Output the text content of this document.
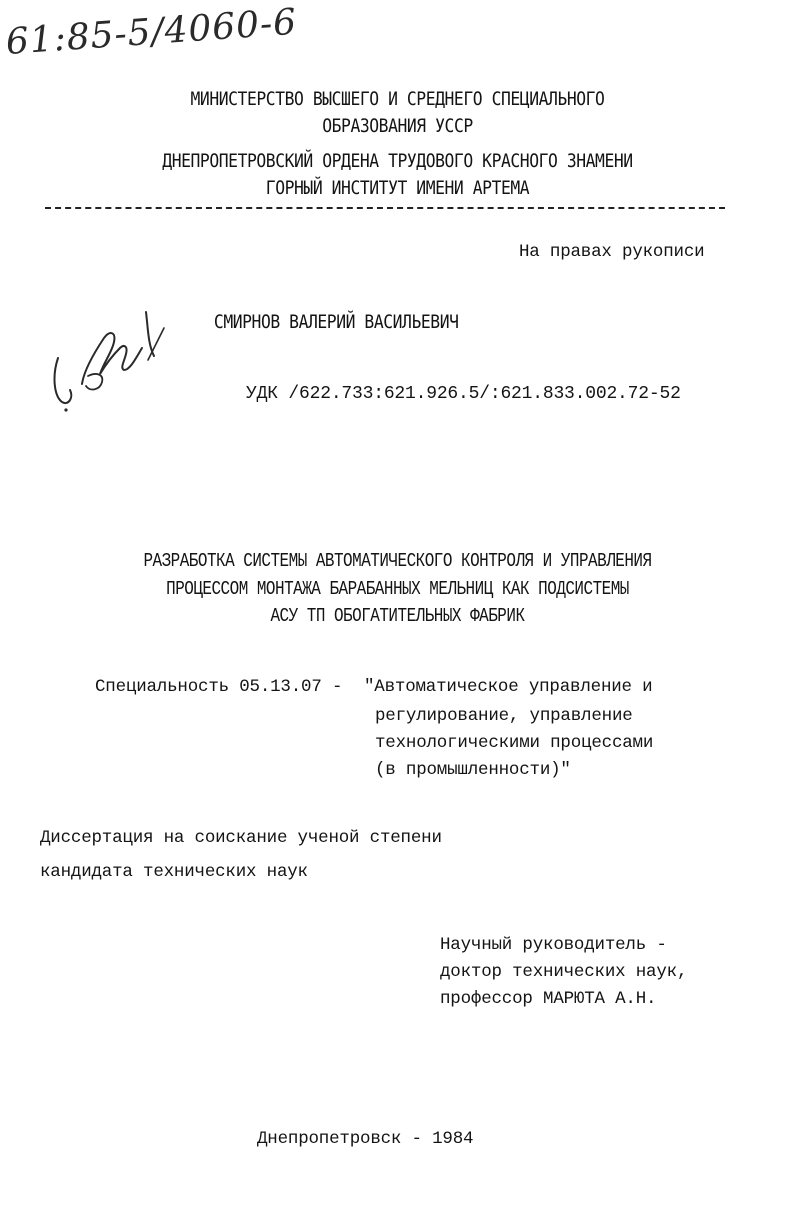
61:85-5/4060-6
МИНИСТЕРСТВО ВЫСШЕГО И СРЕДНЕГО СПЕЦИАЛЬНОГО
ОБРАЗОВАНИЯ УССР
ДНЕПРОПЕТРОВСКИЙ ОРДЕНА ТРУДОВОГО КРАСНОГО ЗНАМЕНИ
ГОРНЫЙ ИНСТИТУТ ИМЕНИ АРТЕМА
На правах рукописи
СМИРНОВ ВАЛЕРИЙ ВАСИЛЬЕВИЧ
УДК /622.733:621.926.5/:621.833.002.72-52
РАЗРАБОТКА СИСТЕМЫ АВТОМАТИЧЕСКОГО КОНТРОЛЯ И УПРАВЛЕНИЯ
ПРОЦЕССОМ МОНТАЖА БАРАБАННЫХ МЕЛЬНИЦ КАК ПОДСИСТЕМЫ
АСУ ТП ОБОГАТИТЕЛЬНЫХ ФАБРИК
Специальность 05.13.07 - "Автоматическое управление и
регулирование, управление
технологическими процессами
(в промышленности)"
Диссертация на соискание ученой степени
кандидата технических наук
Научный руководитель -
доктор технических наук,
профессор МАРЮТА А.Н.
Днепропетровск - 1984
